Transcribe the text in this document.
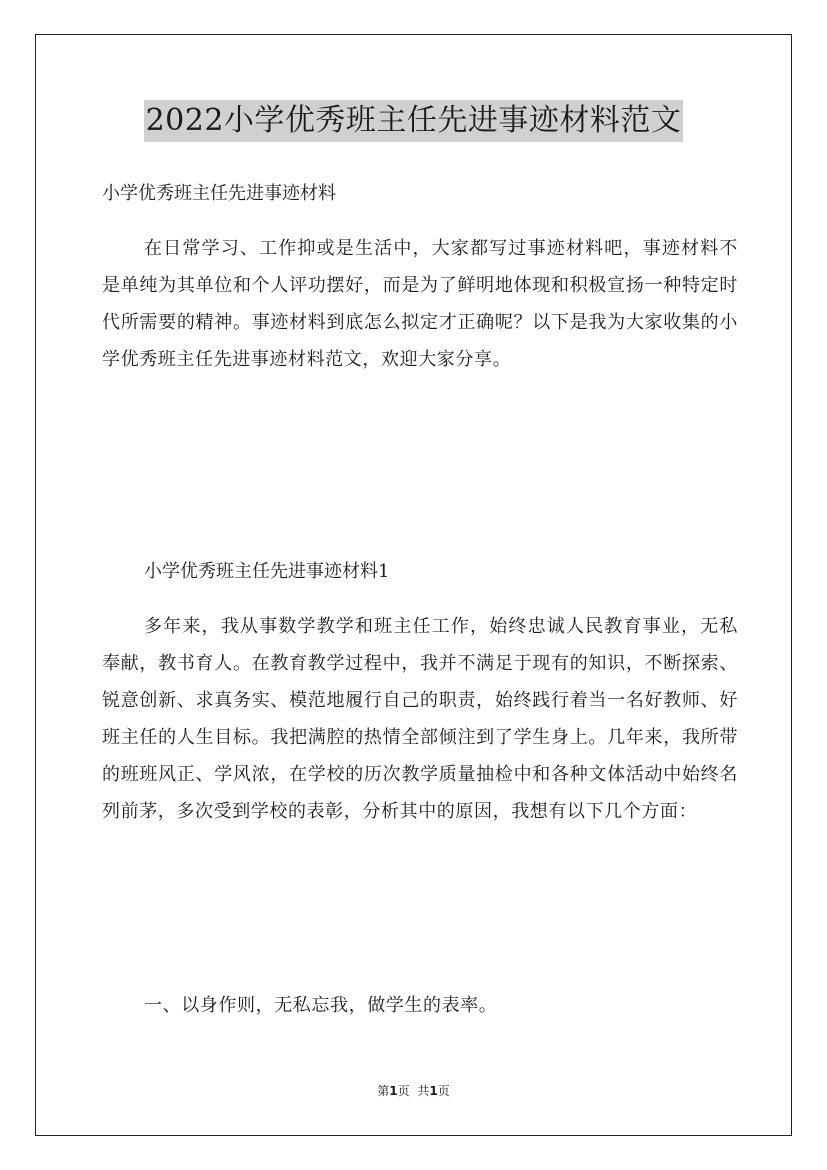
2022小学优秀班主任先进事迹材料范文
小学优秀班主任先进事迹材料

在日常学习、工作抑或是生活中，大家都写过事迹材料吧，事迹材料不是单纯为其单位和个人评功摆好，而是为了鲜明地体现和积极宣扬一种特定时代所需要的精神。事迹材料到底怎么拟定才正确呢？以下是我为大家收集的小学优秀班主任先进事迹材料范文，欢迎大家分享。

小学优秀班主任先进事迹材料1

多年来，我从事数学教学和班主任工作，始终忠诚人民教育事业，无私奉献，教书育人。在教育教学过程中，我并不满足于现有的知识，不断探索、锐意创新、求真务实、模范地履行自己的职责，始终践行着当一名好教师、好班主任的人生目标。我把满腔的热情全部倾注到了学生身上。几年来，我所带的班班风正、学风浓，在学校的历次教学质量抽检中和各种文体活动中始终名列前茅，多次受到学校的表彰，分析其中的原因，我想有以下几个方面：

一、以身作则，无私忘我，做学生的表率。

第1页 共1页
